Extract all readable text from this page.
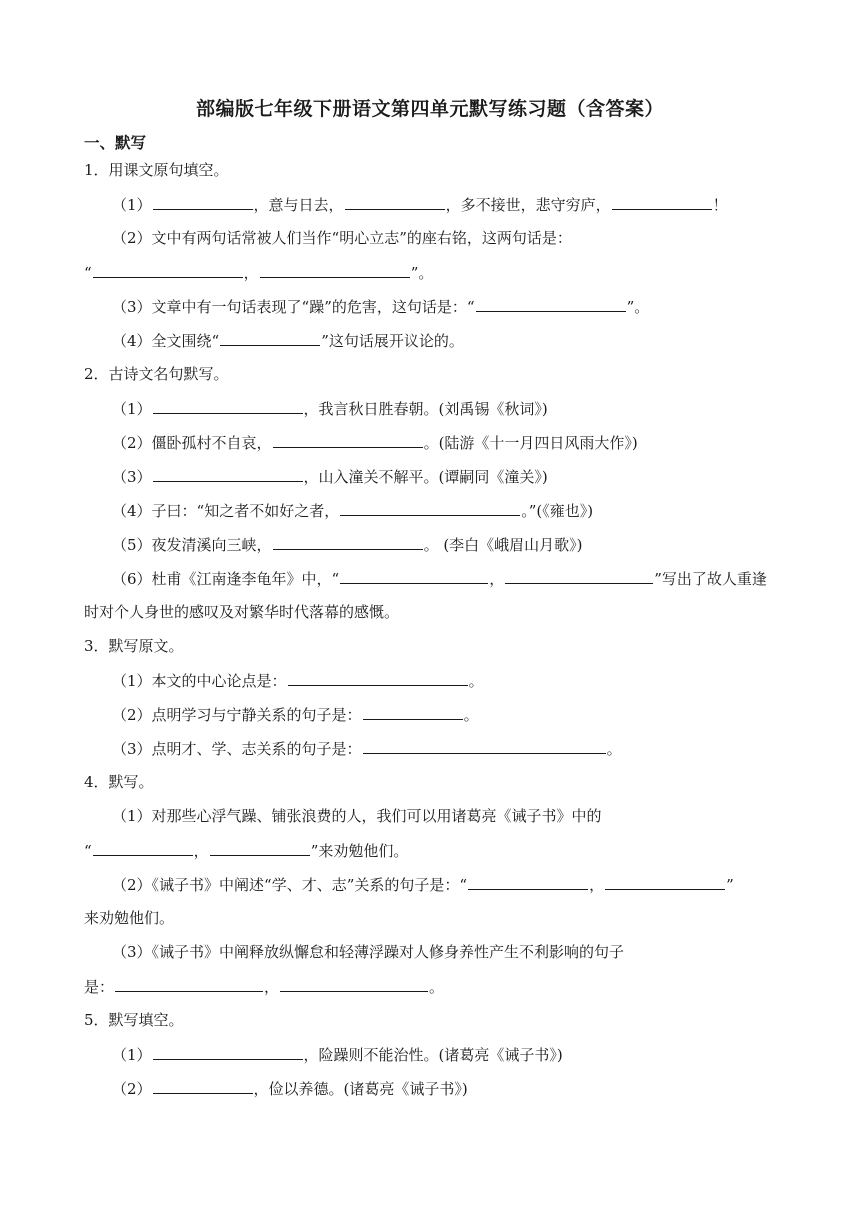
部编版七年级下册语文第四单元默写练习题（含答案）
一、默写
1．用课文原句填空。
（1）	，意与日去，	，多不接世，悲守穷庐，	！
（2）文中有两句话常被人们当作“明心立志”的座右铭，这两句话是：
“	，	”。
（3）文章中有一句话表现了“躁”的危害，这句话是：“	”。
（4）全文围绕“	”这句话展开议论的。
2．古诗文名句默写。
（1）	，我言秋日胜春朝。(刘禹锡《秋词》)
（2）僵卧孤村不自哀，	。(陆游《十一月四日风雨大作》)
（3）	，山入潼关不解平。(谭嗣同《潼关》)
（4）子曰：“知之者不如好之者，	。”(《雍也》)
（5）夜发清溪向三峡，	。 (李白《峨眉山月歌》)
（6）杜甫《江南逢李龟年》中，“	，	”写出了故人重逢
时对个人身世的感叹及对繁华时代落幕的感慨。
3．默写原文。
（1）本文的中心论点是：	。
（2）点明学习与宁静关系的句子是：	。
（3）点明才、学、志关系的句子是：	。
4．默写。
（1）对那些心浮气躁、铺张浪费的人，我们可以用诸葛亮《诫子书》中的
“	，	”来劝勉他们。
（2）《诫子书》中阐述“学、才、志”关系的句子是：“	，	”
来劝勉他们。
（3）《诫子书》中阐释放纵懈怠和轻薄浮躁对人修身养性产生不利影响的句子
是：	，	。
5．默写填空。
（1）	，险躁则不能治性。(诸葛亮《诫子书》)
（2）	，俭以养德。(诸葛亮《诫子书》)
